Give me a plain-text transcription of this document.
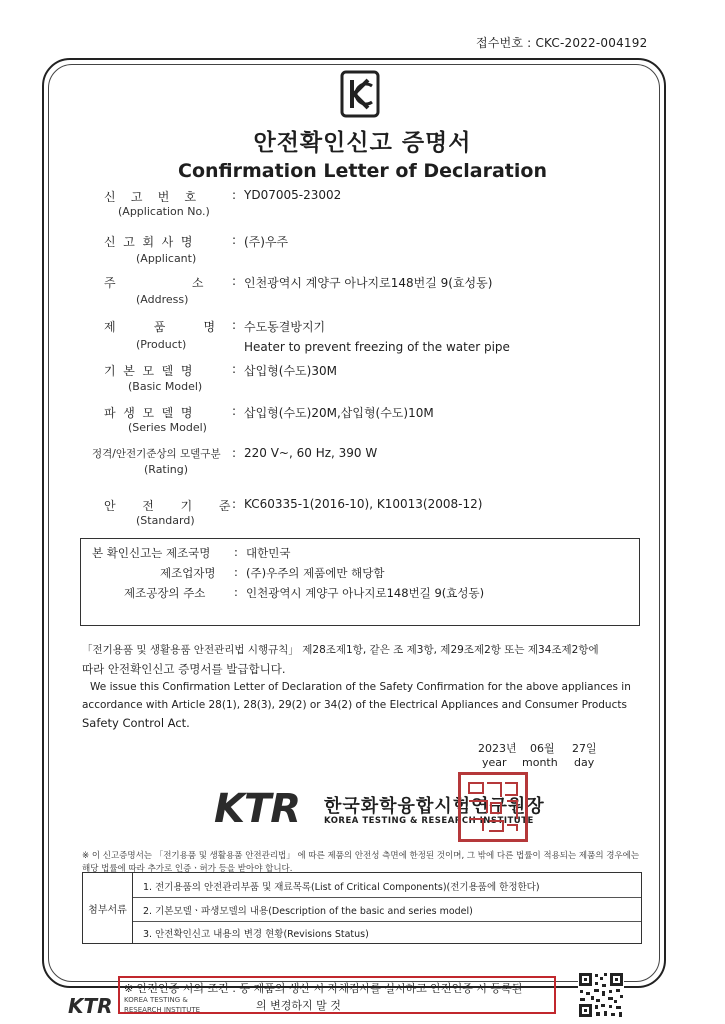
접수번호 : CKC-2022-004192
안전확인신고 증명서
Confirmation Letter of Declaration
신    고    번    호	: YD07005-23002
(Application No.)
신  고  회  사  명	: (주)우주
(Applicant)
주                    소 : 인천광역시 계양구 아나지로148번길 9(효성동)
(Address)
제          품          명 : 수도동결방지기
(Product)	Heater to prevent freezing of the water pipe
기  본  모  델  명	: 삽입형(수도)30M
(Basic Model)
파  생  모  델  명	: 삽입형(수도)20M,삽입형(수도)10M
(Series Model)
정격/안전기준상의 모델구분 : 220 V~, 60 Hz, 390 W
(Rating)
안       전       기       준 : KC60335-1(2016-10), K10013(2008-12)
(Standard)
본 확인신고는 제조국명 : 대한민국
제조업자명 : (주)우주의 제품에만 해당함
제조공장의 주소 : 인천광역시 계양구 아나지로148번길 9(효성동)
「전기용품 및 생활용품 안전관리법 시행규칙」 제28조제1항, 같은 조 제3항, 제29조제2항 또는 제34조제2항에
따라 안전확인신고 증명서를 발급합니다.
We issue this Confirmation Letter of Declaration of the Safety Confirmation for the above appliances in
accordance with Article 28(1), 28(3), 29(2) or 34(2) of the Electrical Appliances and Consumer Products
Safety Control Act.
2023년 06월 27일
year month day
KTR 한국화학융합시험연구원장
KOREA TESTING & RESEARCH INSTITUTE
※ 이 신고증명서는 「전기용품 및 생활용품 안전관리법」 에 따른 제품의 안전성 측면에 한정된 것이며, 그 밖에 다른 법률이 적용되는 제품의 경우에는 해당 법률에 따라 추가로 인증ㆍ허가 등을 받아야 합니다.
첨부서류
1. 전기용품의 안전관리부품 및 재료목록(List of Critical Components)(전기용품에 한정한다)
2. 기본모델ㆍ파생모델의 내용(Description of the basic and series model)
3. 안전확인신고 내용의 변경 현황(Revisions Status)
※ 안전인증 시의 조건 : 동 제품의 생산 시 자체검사를 실시하고 안전인증 시 등록된
의 변경하지 말 것
KTR KOREA TESTING &
RESEARCH INSTITUTE
